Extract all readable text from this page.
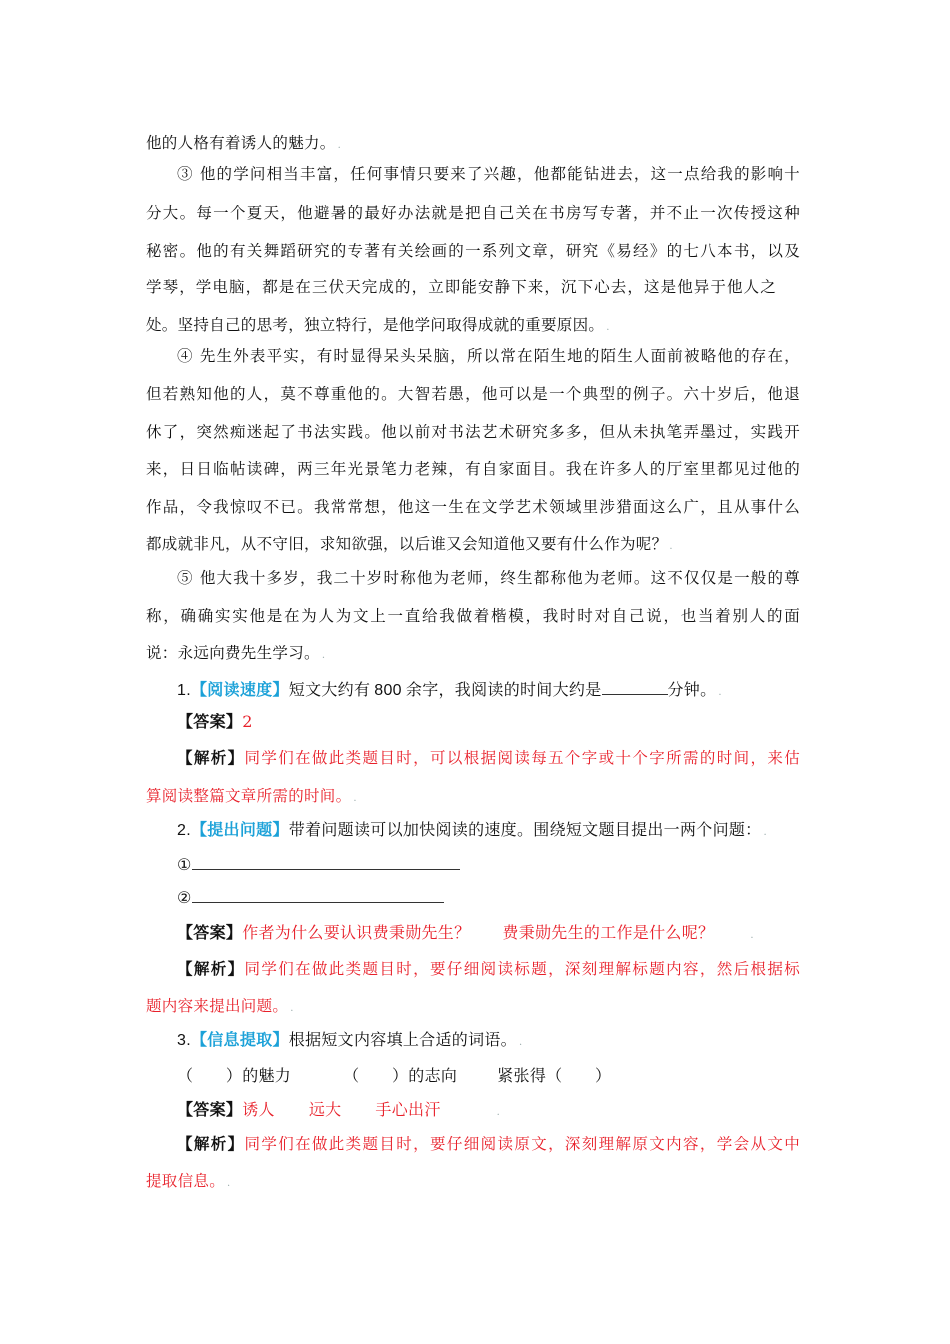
他的人格有着诱人的魅力。 .
③ 他的学问相当丰富，任何事情只要来了兴趣，他都能钻进去，这一点给我的影响十
分大。每一个夏天，他避暑的最好办法就是把自己关在书房写专著，并不止一次传授这种
秘密。他的有关舞蹈研究的专著有关绘画的一系列文章，研究《易经》的七八本书，以及
学琴，学电脑，都是在三伏天完成的，立即能安静下来，沉下心去，这是他异于他人之
处。坚持自己的思考，独立特行，是他学问取得成就的重要原因。 .
④ 先生外表平实，有时显得呆头呆脑，所以常在陌生地的陌生人面前被略他的存在，
但若熟知他的人，莫不尊重他的。大智若愚，他可以是一个典型的例子。六十岁后，他退
休了，突然痴迷起了书法实践。他以前对书法艺术研究多多，但从未执笔弄墨过，实践开
来，日日临帖读碑，两三年光景笔力老辣，有自家面目。我在许多人的厅室里都见过他的
作品，令我惊叹不已。我常常想，他这一生在文学艺术领域里涉猎面这么广，且从事什么
都成就非凡，从不守旧，求知欲强，以后谁又会知道他又要有什么作为呢？ .
⑤ 他大我十多岁，我二十岁时称他为老师，终生都称他为老师。这不仅仅是一般的尊
称，确确实实他是在为人为文上一直给我做着楷模，我时时对自己说，也当着别人的面
说：永远向费先生学习。 .
1.【阅读速度】短文大约有 800 余字，我阅读的时间大约是	分钟。 .
【答案】2
【解析】同学们在做此类题目时，可以根据阅读每五个字或十个字所需的时间，来估
算阅读整篇文章所需的时间。 .
2.【提出问题】带着问题读可以加快阅读的速度。围绕短文题目提出一两个问题： .
①
②
【答案】作者为什么要认识费秉勋先生？ 费秉勋先生的工作是什么呢？	.
【解析】同学们在做此类题目时，要仔细阅读标题，深刻理解标题内容，然后根据标
题内容来提出问题。 .
3.【信息提取】根据短文内容填上合适的词语。 .
（　　）的魅力	（　　）的志向	紧张得（　　）
【答案】诱人 远大 手心出汗	.
【解析】同学们在做此类题目时，要仔细阅读原文，深刻理解原文内容，学会从文中
提取信息。 .
